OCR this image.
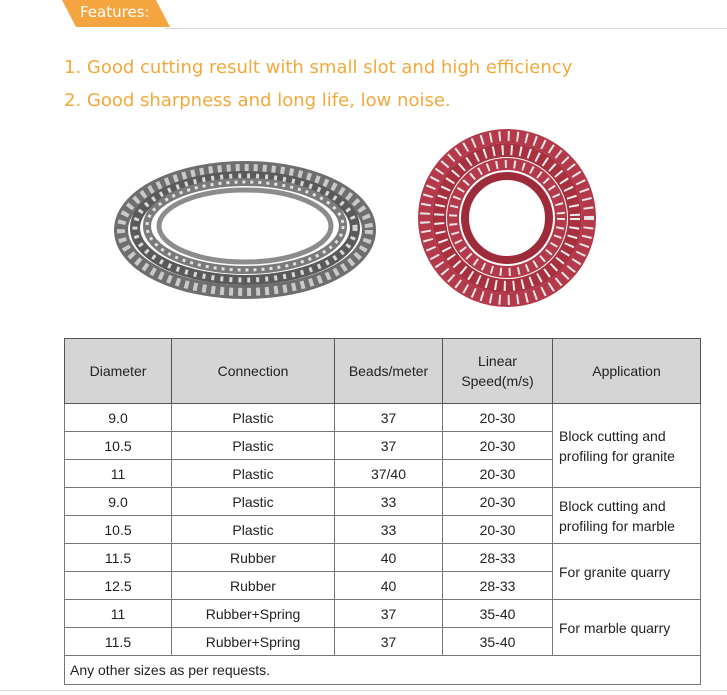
Features:
1. Good cutting result with small slot and high efficiency
2. Good sharpness and long life, low noise.
Diameter	Connection	Beads/meter	Linear
Speed(m/s)	Application
9.0	Plastic	37	20-30	Block cutting and
profiling for granite
10.5	Plastic	37	20-30	
11	Plastic	37/40	20-30	
9.0	Plastic	33	20-30	Block cutting and
profiling for marble
10.5	Plastic	33	20-30	
11.5	Rubber	40	28-33	For granite quarry
12.5	Rubber	40	28-33	
11	Rubber+Spring	37	35-40	For marble quarry
11.5	Rubber+Spring	37	35-40	
Any other sizes as per requests.				
